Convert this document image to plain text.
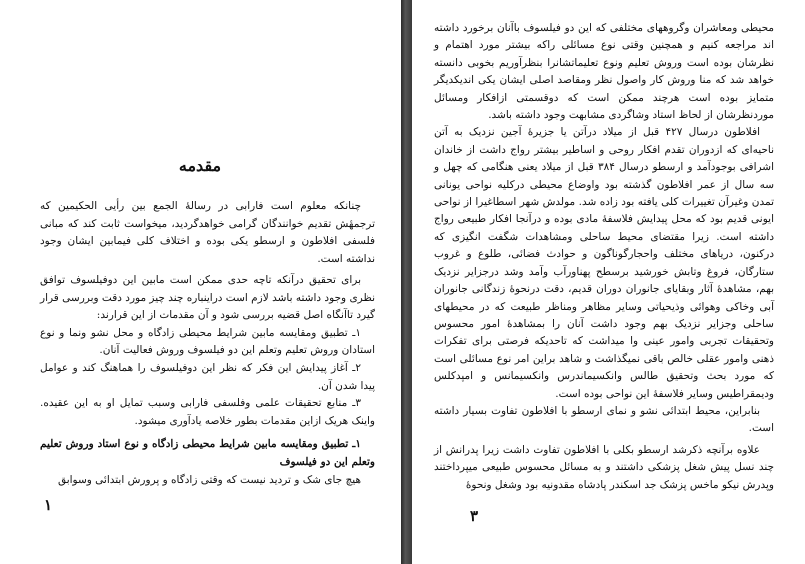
مقدمه

چنانکه معلوم است فارابی در رسالهٔ الجمع بین رأیی الحکیمین که ترجمهٔش تقدیم خوانندگان گرامی خواهدگردید، میخواست ثابت کند که مبانی فلسفی افلاطون و ارسطو یکی بوده و اختلاف کلی فیمابین ایشان وجود نداشته است.

برای تحقیق درآنکه تاچه حدی ممکن است مابین این دوفیلسوف توافق نظری وجود داشته باشد لازم است دراینباره چند چیز مورد دقت وبررسی قرار گیرد تاآنگاه اصل قضیه بررسی شود و آن مقدمات از این قرارند:

۱ـ تطبیق ومقایسه مابین شرایط محیطی زادگاه و محل نشو ونما و نوع استادان وروش تعلیم وتعلم این دو فیلسوف وروش فعالیت آنان.

۲ـ آغاز پیدایش این فکر که نظر این دوفیلسوف را هماهنگ کند و عوامل پیدا شدن آن.

۳ـ منابع تحقیقات علمی وفلسفی فارابی وسبب تمایل او به این عقیده. واینک هریک ازاین مقدمات بطور خلاصه یادآوری میشود.

۱ـ تطبیق ومقایسه مابین شرایط محیطی زادگاه و نوع استاد وروش تعلیم وتعلم این دو فیلسوف

هیچ جای شک و تردید نیست که وقتی زادگاه و پرورش ابتدائی وسوابق

۱

محیطی ومعاشران وگروههای مختلفی که این دو فیلسوف باآنان برخورد داشته اند مراجعه کنیم و همچنین وقتی نوع مسائلی راکه بیشتر مورد اهتمام و نظرشان بوده است وروش تعلیم ونوع تعلیماتشانرا بنظرآوریم بخوبی دانسته خواهد شد که منا وروش کار واصول نظر ومقاصد اصلی ایشان یکی اندیکدیگر متمایز بوده است هرچند ممکن است که دوقسمتی ازافکار ومسائل موردنظرشان از لحاظ استاد وشاگردی مشابهت وجود داشته باشد.

افلاطون درسال ۴۲۷ قبل از میلاد درآتن یا جزیرهٔ آجین نزدیک به آتن ناحیه‌ای که ازدوران تقدم افکار روحی و اساطیر بیشتر رواج داشت از خاندان اشرافی بوجودآمد و ارسطو درسال ۳۸۴ قبل از میلاد یعنی هنگامی که چهل و سه سال از عمر افلاطون گذشته بود واوضاع محیطی درکلیه نواحی یونانی تمدن وغیرآن تغییرات کلی یافته بود زاده شد. مولدش شهر اسطاغیرا از نواحی ایونی قدیم بود که محل پیدایش فلاسفهٔ مادی بوده و درآنجا افکار طبیعی رواج داشته است. زیرا مقتضای محیط ساحلی ومشاهدات شگفت انگیزی که درکنون، دریاهای مختلف واحجارگوناگون و حوادث فضائی، طلوع و غروب ستارگان، فروغ وتابش خورشید برسطح پهناورآب وآمد وشد درجزایر نزدیک بهم، مشاهدهٔ آثار وبقایای جانوران دوران قدیم، دقت درنحوهٔ زندگانی جانوران آبی وخاکی وهوائی وذیحیاتی وسایر مظاهر ومناظر طبیعت که در محیطهای ساحلی وجزایر نزدیک بهم وجود داشت آنان را بمشاهدهٔ امور محسوس وتحقیقات تجربی وامور عینی وا میداشت که تاحدیکه فرصتی برای تفکرات ذهنی وامور عقلی خالص باقی نمیگذاشت و شاهد براین امر نوع مسائلی است که مورد بحث وتحقیق طالس وانکسیماندرس وانکسیمانس و امپدکلس ودیمقراطیس وسایر فلاسفهٔ این نواحی بوده است.

بنابراین، محیط ابتدائی نشو و نمای ارسطو با افلاطون تفاوت بسیار داشته است.

علاوه برآنچه ذکرشد ارسطو بکلی با افلاطون تفاوت داشت زیرا پدرانش از چند نسل پیش شغل پزشکی داشتند و به مسائل محسوس طبیعی میپرداختند وپدرش نیکو ماخس پزشک جد اسکندر پادشاه مقدونیه بود وشغل ونحوهٔ

۳
